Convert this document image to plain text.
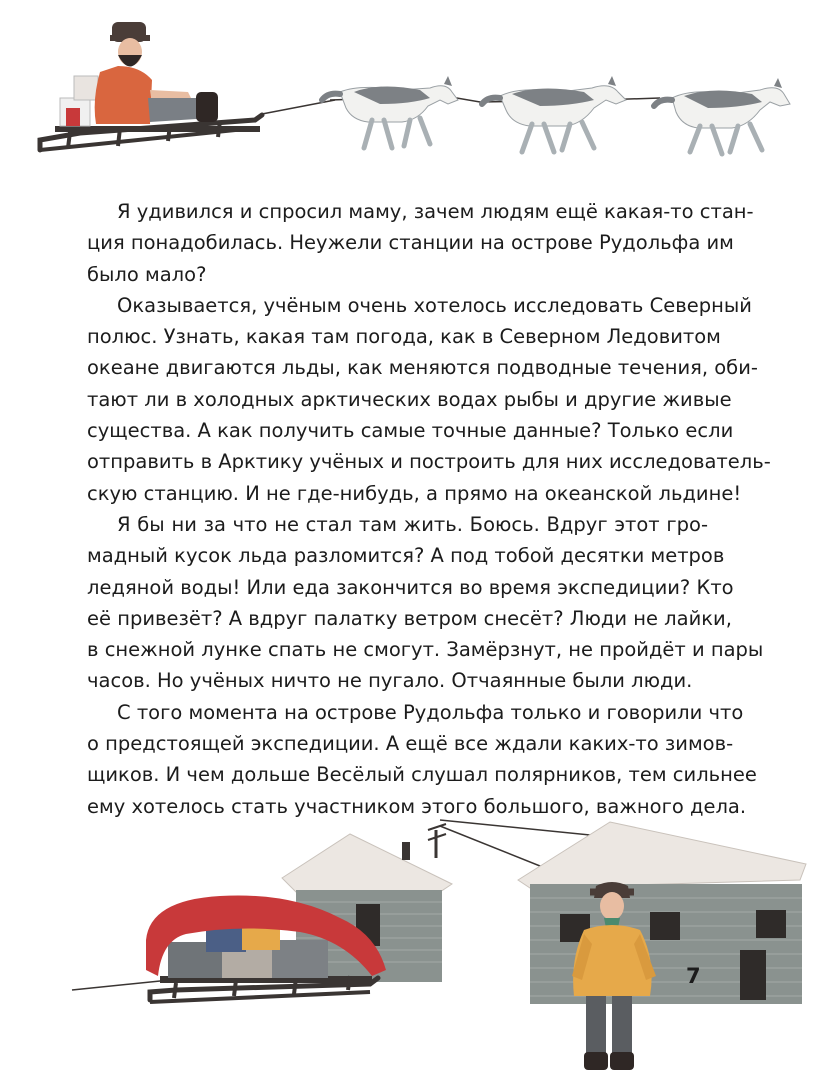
Я удивился и спросил маму, зачем людям ещё какая-то стан-
ция понадобилась. Неужели станции на острове Рудольфа им
было мало?

Оказывается, учёным очень хотелось исследовать Северный
полюс. Узнать, какая там погода, как в Северном Ледовитом
океане двигаются льды, как меняются подводные течения, оби-
тают ли в холодных арктических водах рыбы и другие живые
существа. А как получить самые точные данные? Только если
отправить в Арктику учёных и построить для них исследователь-
скую станцию. И не где-нибудь, а прямо на океанской льдине!

Я бы ни за что не стал там жить. Боюсь. Вдруг этот гро-
мадный кусок льда разломится? А под тобой десятки метров
ледяной воды! Или еда закончится во время экспедиции? Кто
её привезёт? А вдруг палатку ветром снесёт? Люди не лайки,
в снежной лунке спать не смогут. Замёрзнут, не пройдёт и пары
часов. Но учёных ничто не пугало. Отчаянные были люди.

С того момента на острове Рудольфа только и говорили что
о предстоящей экспедиции. А ещё все ждали каких-то зимов-
щиков. И чем дольше Весёлый слушал полярников, тем сильнее
ему хотелось стать участником этого большого, важного дела.

7
